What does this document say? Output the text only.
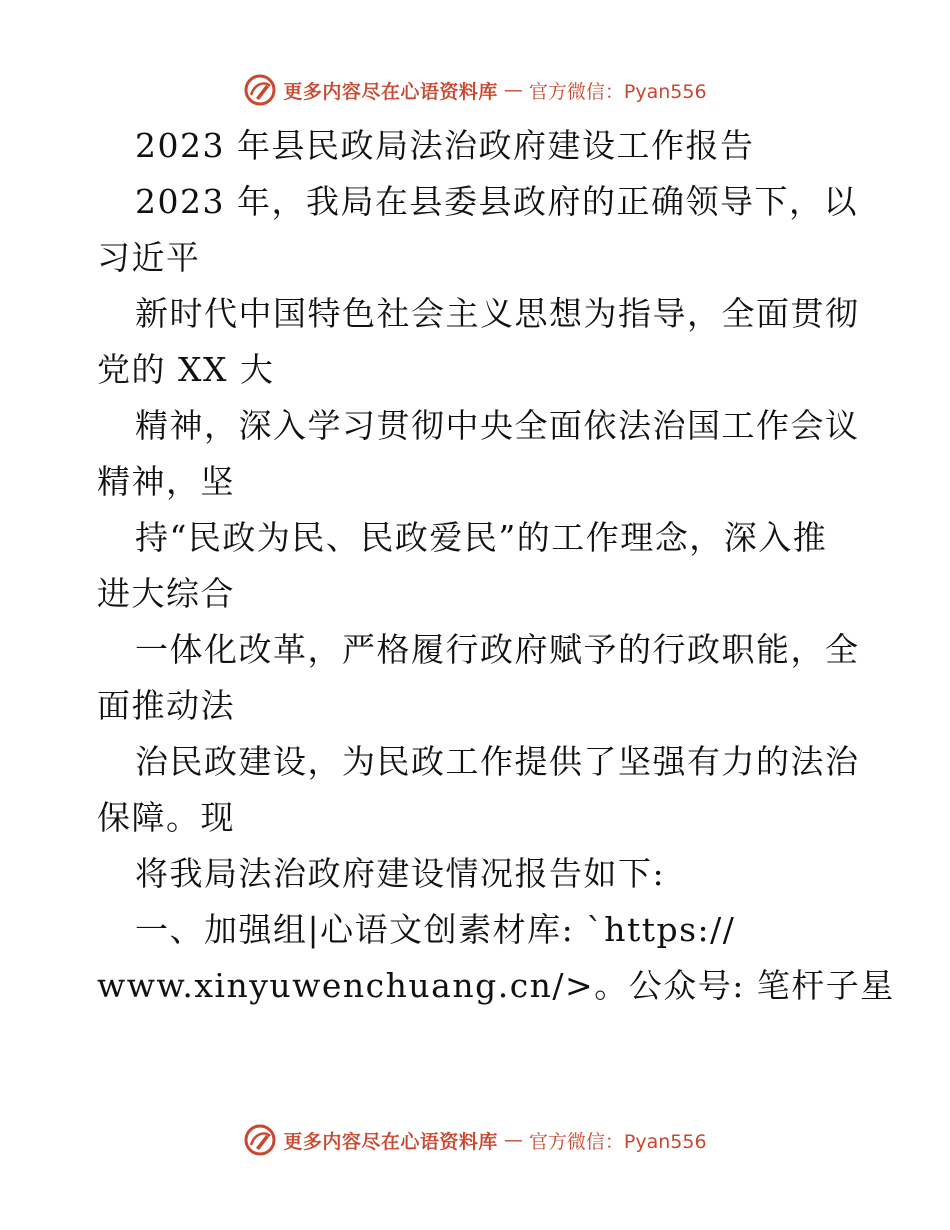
更多内容尽在心语资料库 — 官方微信：Pyan556
2023 年县民政局法治政府建设工作报告
2023 年，我局在县委县政府的正确领导下，以
习近平
新时代中国特色社会主义思想为指导，全面贯彻
党的 XX 大
精神，深入学习贯彻中央全面依法治国工作会议
精神，坚
持“民政为民、民政爱民”的工作理念，深入推
进大综合
一体化改革，严格履行政府赋予的行政职能，全
面推动法
治民政建设，为民政工作提供了坚强有力的法治
保障。现
将我局法治政府建设情况报告如下:
一、加强组|心语文创素材库: `https://
www.xinyuwenchuang.cn/>。公众号: 笔杆子星
更多内容尽在心语资料库 — 官方微信：Pyan556
